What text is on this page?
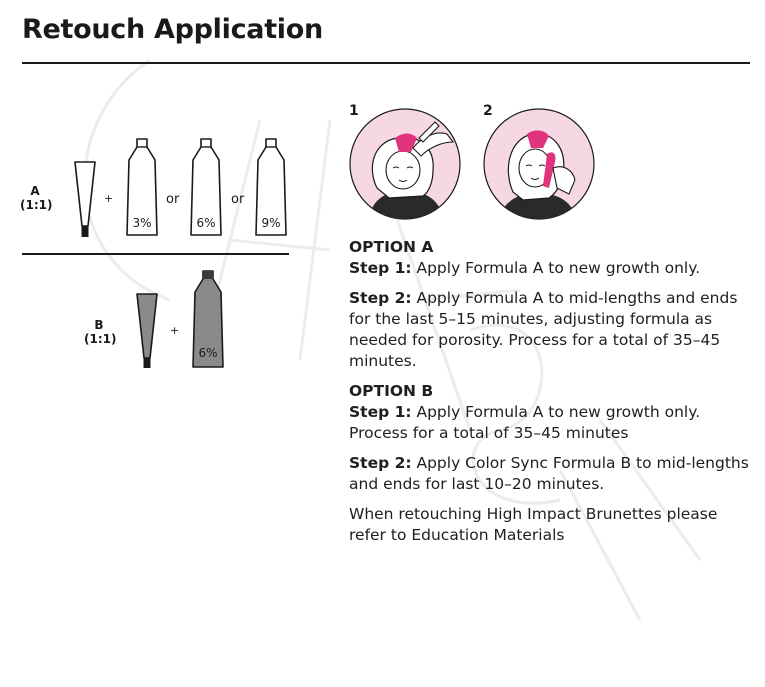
Retouch Application
A
(1:1)	+
3%
or
6%
or
9%
B
(1:1)
+
6%
1	2

OPTION A

Step 1: Apply Formula A to new growth only.

Step 2: Apply Formula A to mid-lengths and ends for the last 5–15 minutes, adjusting formula as needed for porosity. Process for a total of 35–45 minutes.

OPTION B

Step 1: Apply Formula A to new growth only. Process for a total of 35–45 minutes

Step 2: Apply Color Sync Formula B to mid-lengths and ends for last 10–20 minutes.

When retouching High Impact Brunettes please refer to Education Materials
